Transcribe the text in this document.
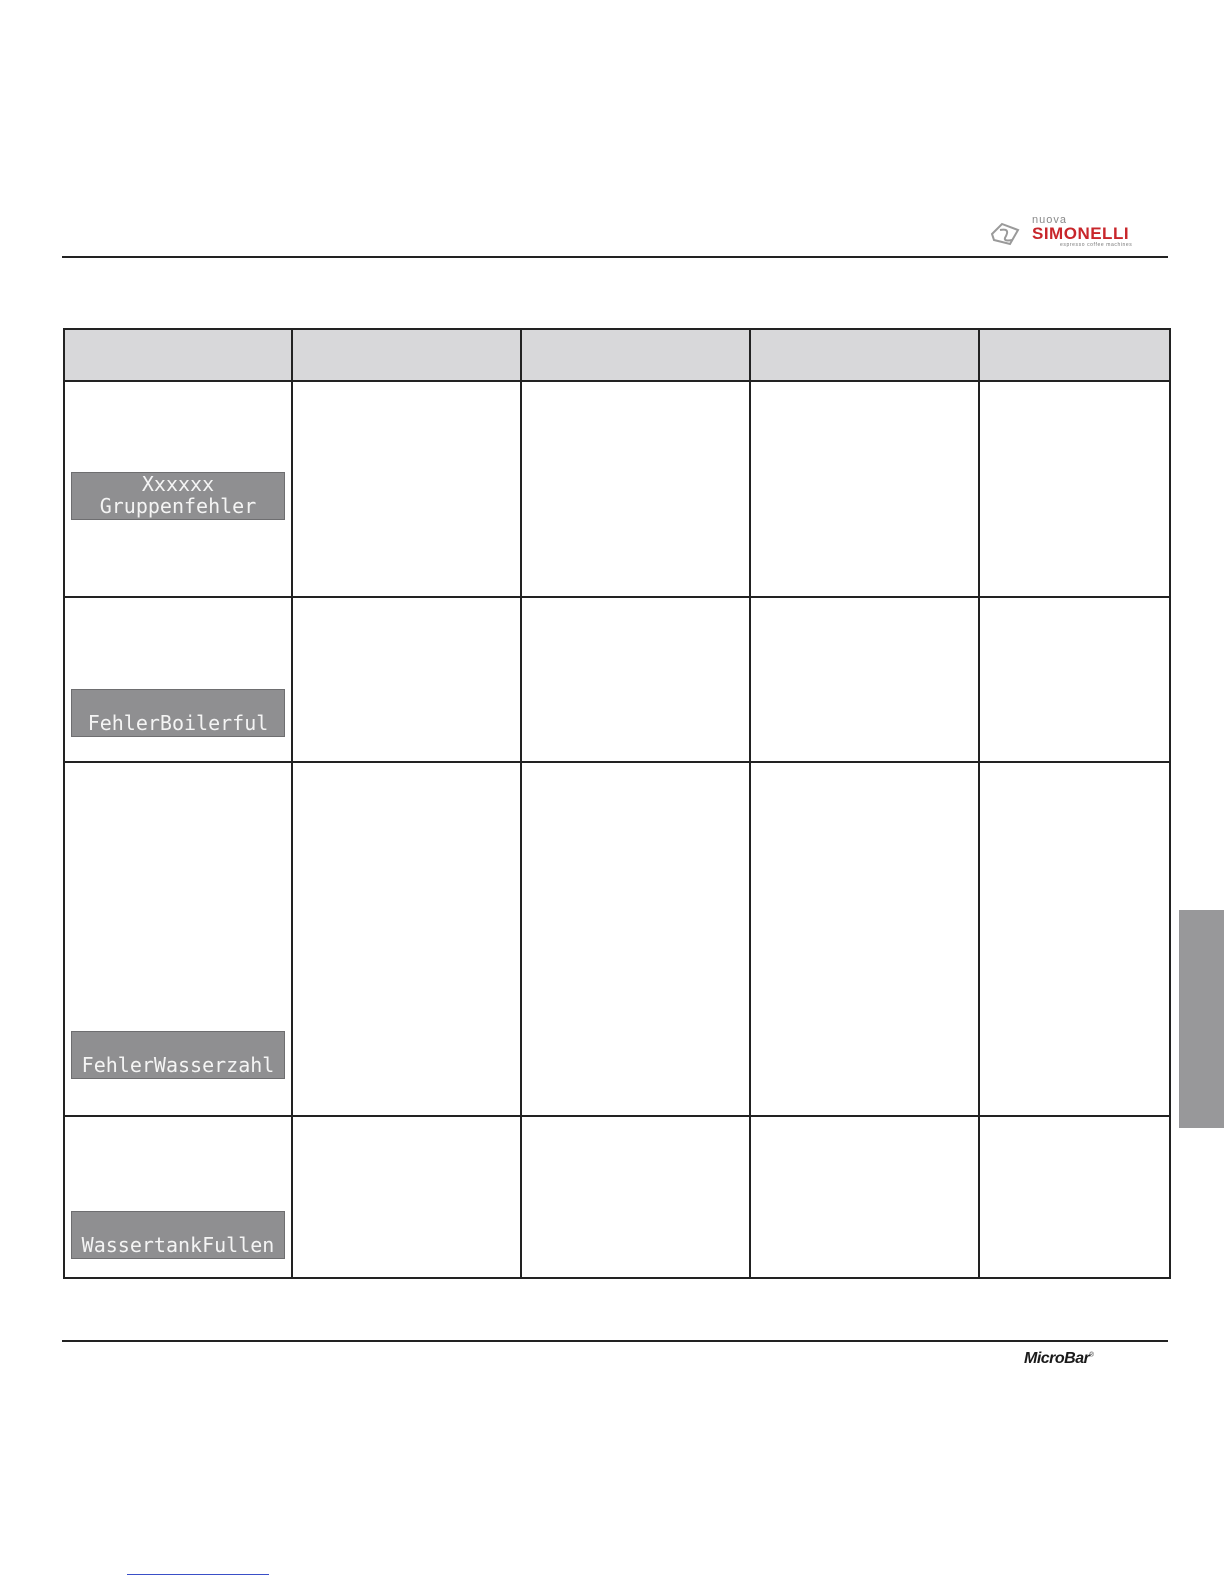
nuova
SIMONELLI
espresso coffee machines

Xxxxxx
Gruppenfehler				

FehlerBoilerful				

FehlerWasserzahl				

WassertankFullen				

MicroBar®
